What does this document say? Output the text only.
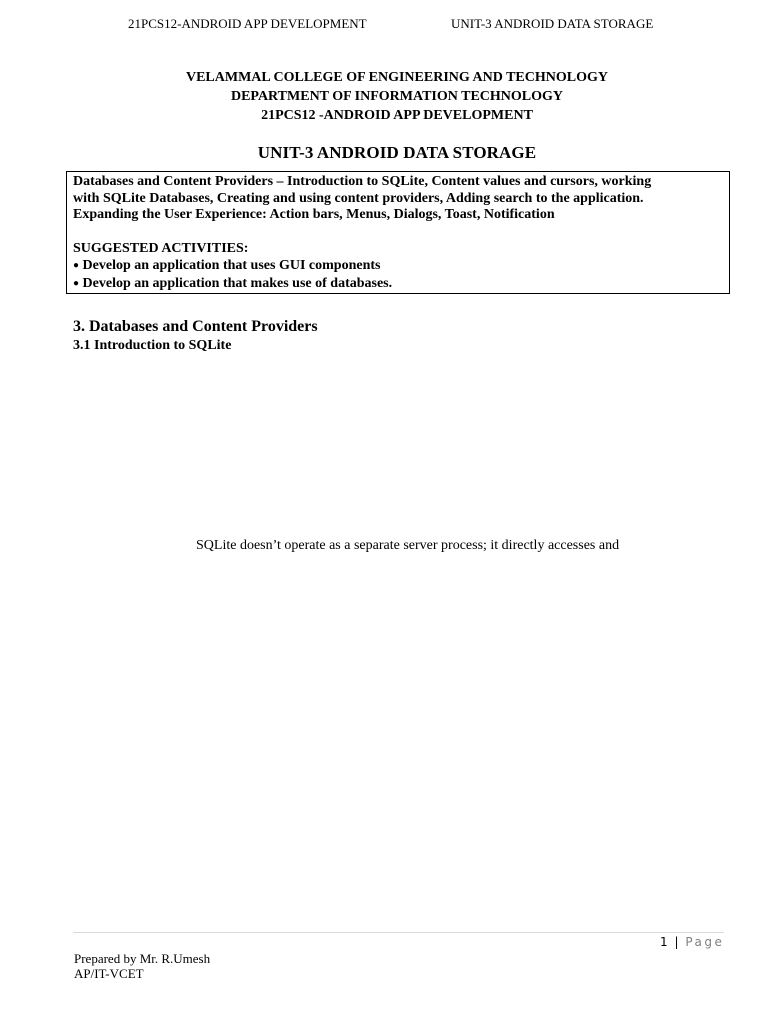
21PCS12-ANDROID APP DEVELOPMENT	UNIT-3 ANDROID DATA STORAGE
VELAMMAL COLLEGE OF ENGINEERING AND TECHNOLOGY
DEPARTMENT OF INFORMATION TECHNOLOGY
21PCS12 -ANDROID APP DEVELOPMENT
UNIT-3 ANDROID DATA STORAGE

Databases and Content Providers – Introduction to SQLite, Content values and cursors, working

with SQLite Databases, Creating and using content providers, Adding search to the application.

Expanding the User Experience: Action bars, Menus, Dialogs, Toast, Notification

SUGGESTED ACTIVITIES:

● Develop an application that uses GUI components

● Develop an application that makes use of databases.

3. Databases and Content Providers
3.1 Introduction to SQLite
SQLite doesn’t operate as a separate server process; it directly accesses and
1 | Page
Prepared by Mr. R.Umesh
AP/IT-VCET
